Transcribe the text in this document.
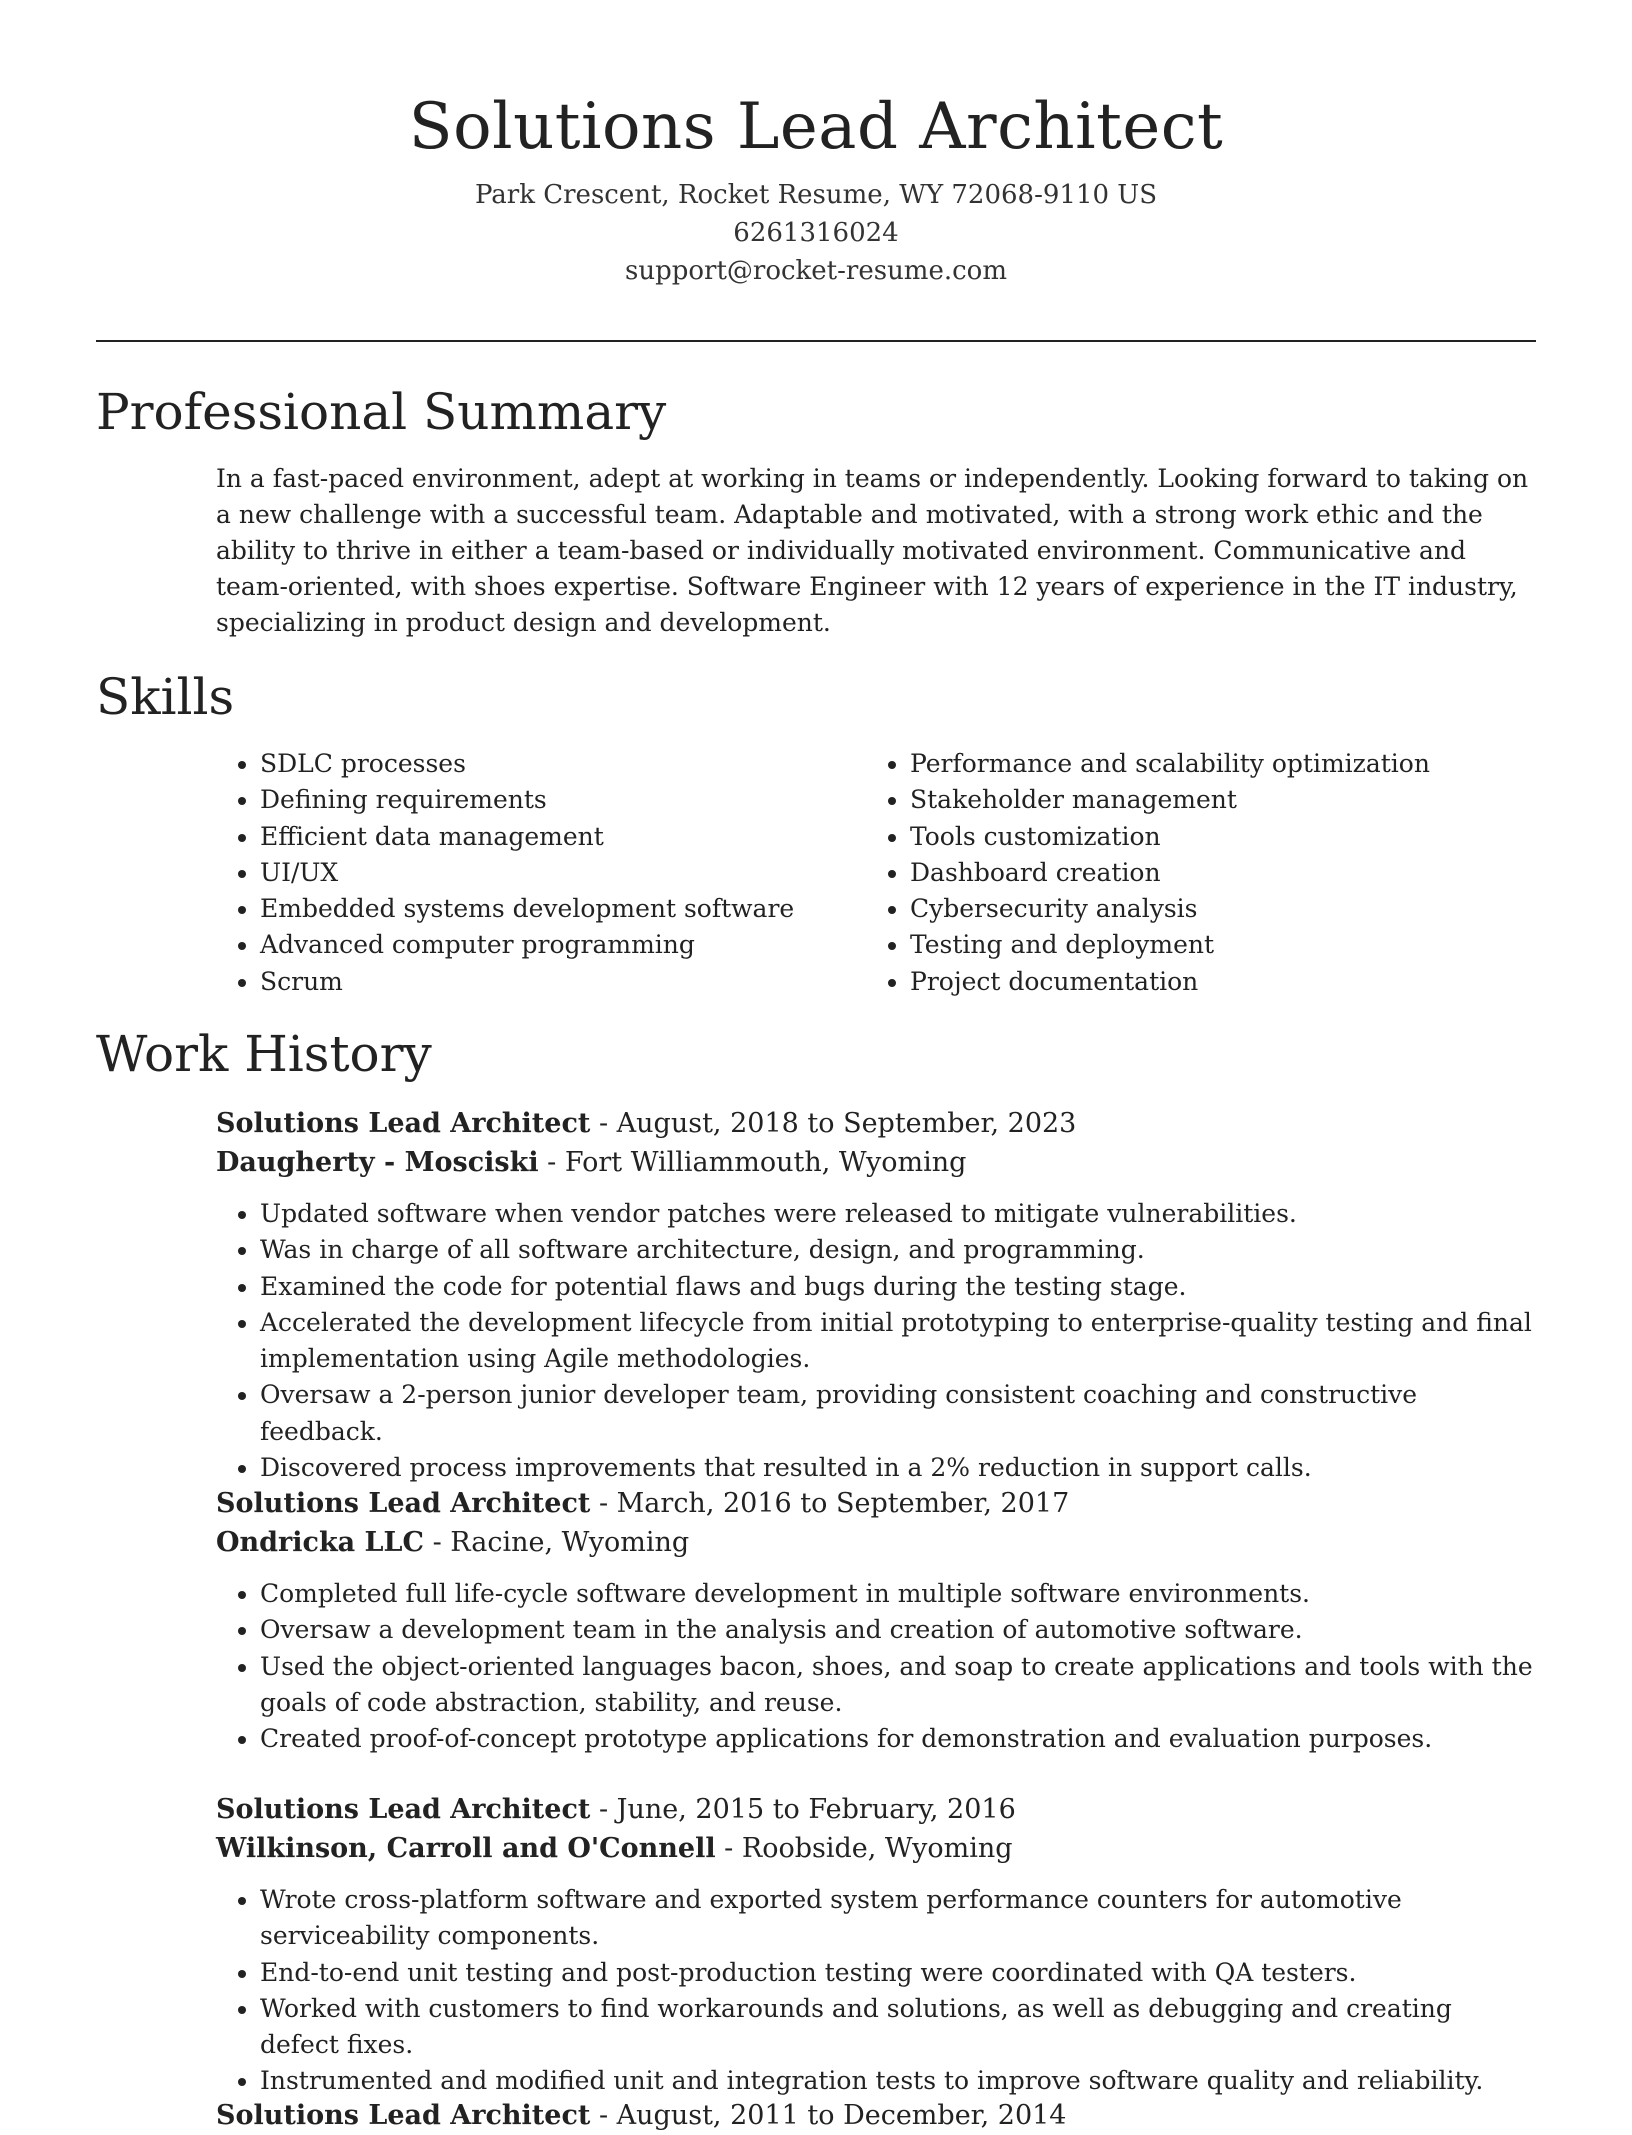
Solutions Lead Architect
Park Crescent, Rocket Resume, WY 72068-9110 US
6261316024
support@rocket-resume.com
Professional Summary

In a fast-paced environment, adept at working in teams or independently. Looking forward to taking on a new challenge with a successful team. Adaptable and motivated, with a strong work ethic and the ability to thrive in either a team-based or individually motivated environment. Communicative and team-oriented, with shoes expertise. Software Engineer with 12 years of experience in the IT industry, specializing in product design and development.

Skills
• SDLC processes
• Defining requirements
• Efficient data management
• UI/UX
• Embedded systems development software
• Advanced computer programming
• Scrum
• Performance and scalability optimization
• Stakeholder management
• Tools customization
• Dashboard creation
• Cybersecurity analysis
• Testing and deployment
• Project documentation
Work History
Solutions Lead Architect - August, 2018 to September, 2023
Daugherty - Mosciski - Fort Williammouth, Wyoming
• Updated software when vendor patches were released to mitigate vulnerabilities.
• Was in charge of all software architecture, design, and programming.
• Examined the code for potential flaws and bugs during the testing stage.
• Accelerated the development lifecycle from initial prototyping to enterprise-quality testing and final implementation using Agile methodologies.
• Oversaw a 2-person junior developer team, providing consistent coaching and constructive feedback.
• Discovered process improvements that resulted in a 2% reduction in support calls.
Solutions Lead Architect - March, 2016 to September, 2017
Ondricka LLC - Racine, Wyoming
• Completed full life-cycle software development in multiple software environments.
• Oversaw a development team in the analysis and creation of automotive software.
• Used the object-oriented languages bacon, shoes, and soap to create applications and tools with the goals of code abstraction, stability, and reuse.
• Created proof-of-concept prototype applications for demonstration and evaluation purposes.
Solutions Lead Architect - June, 2015 to February, 2016
Wilkinson, Carroll and O'Connell - Roobside, Wyoming
• Wrote cross-platform software and exported system performance counters for automotive serviceability components.
• End-to-end unit testing and post-production testing were coordinated with QA testers.
• Worked with customers to find workarounds and solutions, as well as debugging and creating defect fixes.
• Instrumented and modified unit and integration tests to improve software quality and reliability.
Solutions Lead Architect - August, 2011 to December, 2014
